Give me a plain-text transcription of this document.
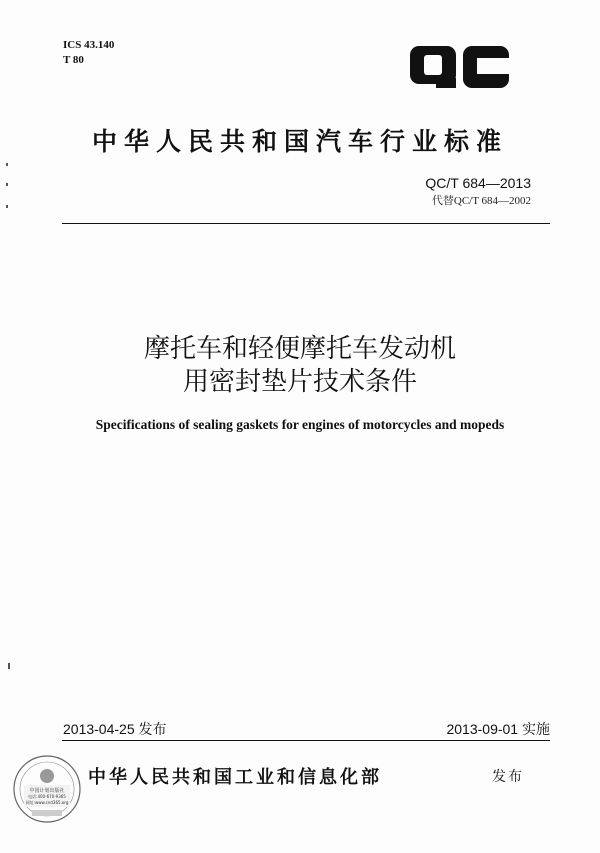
ICS 43.140
T 80
QC
中华人民共和国汽车行业标准
QC/T 684—2013
代替QC/T 684—2002
摩托车和轻便摩托车发动机
用密封垫片技术条件
Specifications of sealing gaskets for engines of motorcycles and mopeds
2013-04-25 发布	2013-09-01 实施
中国计划出版社
电话:400-670-9365
网址:www.cnd365.org
中华人民共和国工业和信息化部	发布
